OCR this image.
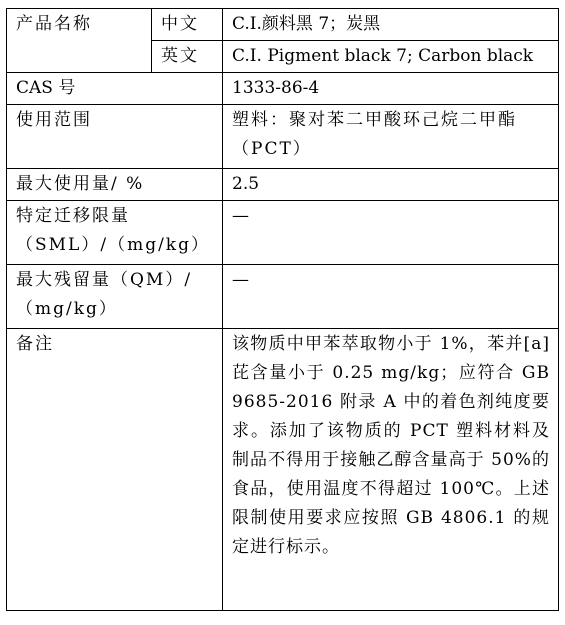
产品名称	中文	C.I.颜料黑 7；炭黑
	英文	C.I. Pigment black 7; Carbon black
CAS 号		1333-86-4
使用范围		塑料：聚对苯二甲酸环己烷二甲酯（PCT）
最大使用量/ %		2.5
特定迁移限量（SML）/（mg/kg）		—
最大残留量（QM）/（mg/kg）		—
备注		该物质中甲苯萃取物小于 1%，苯并[a]芘含量小于 0.25 mg/kg；应符合 GB 9685-2016 附录 A 中的着色剂纯度要求。添加了该物质的 PCT 塑料材料及制品不得用于接触乙醇含量高于 50%的食品，使用温度不得超过 100℃。上述限制使用要求应按照 GB 4806.1 的规定进行标示。
